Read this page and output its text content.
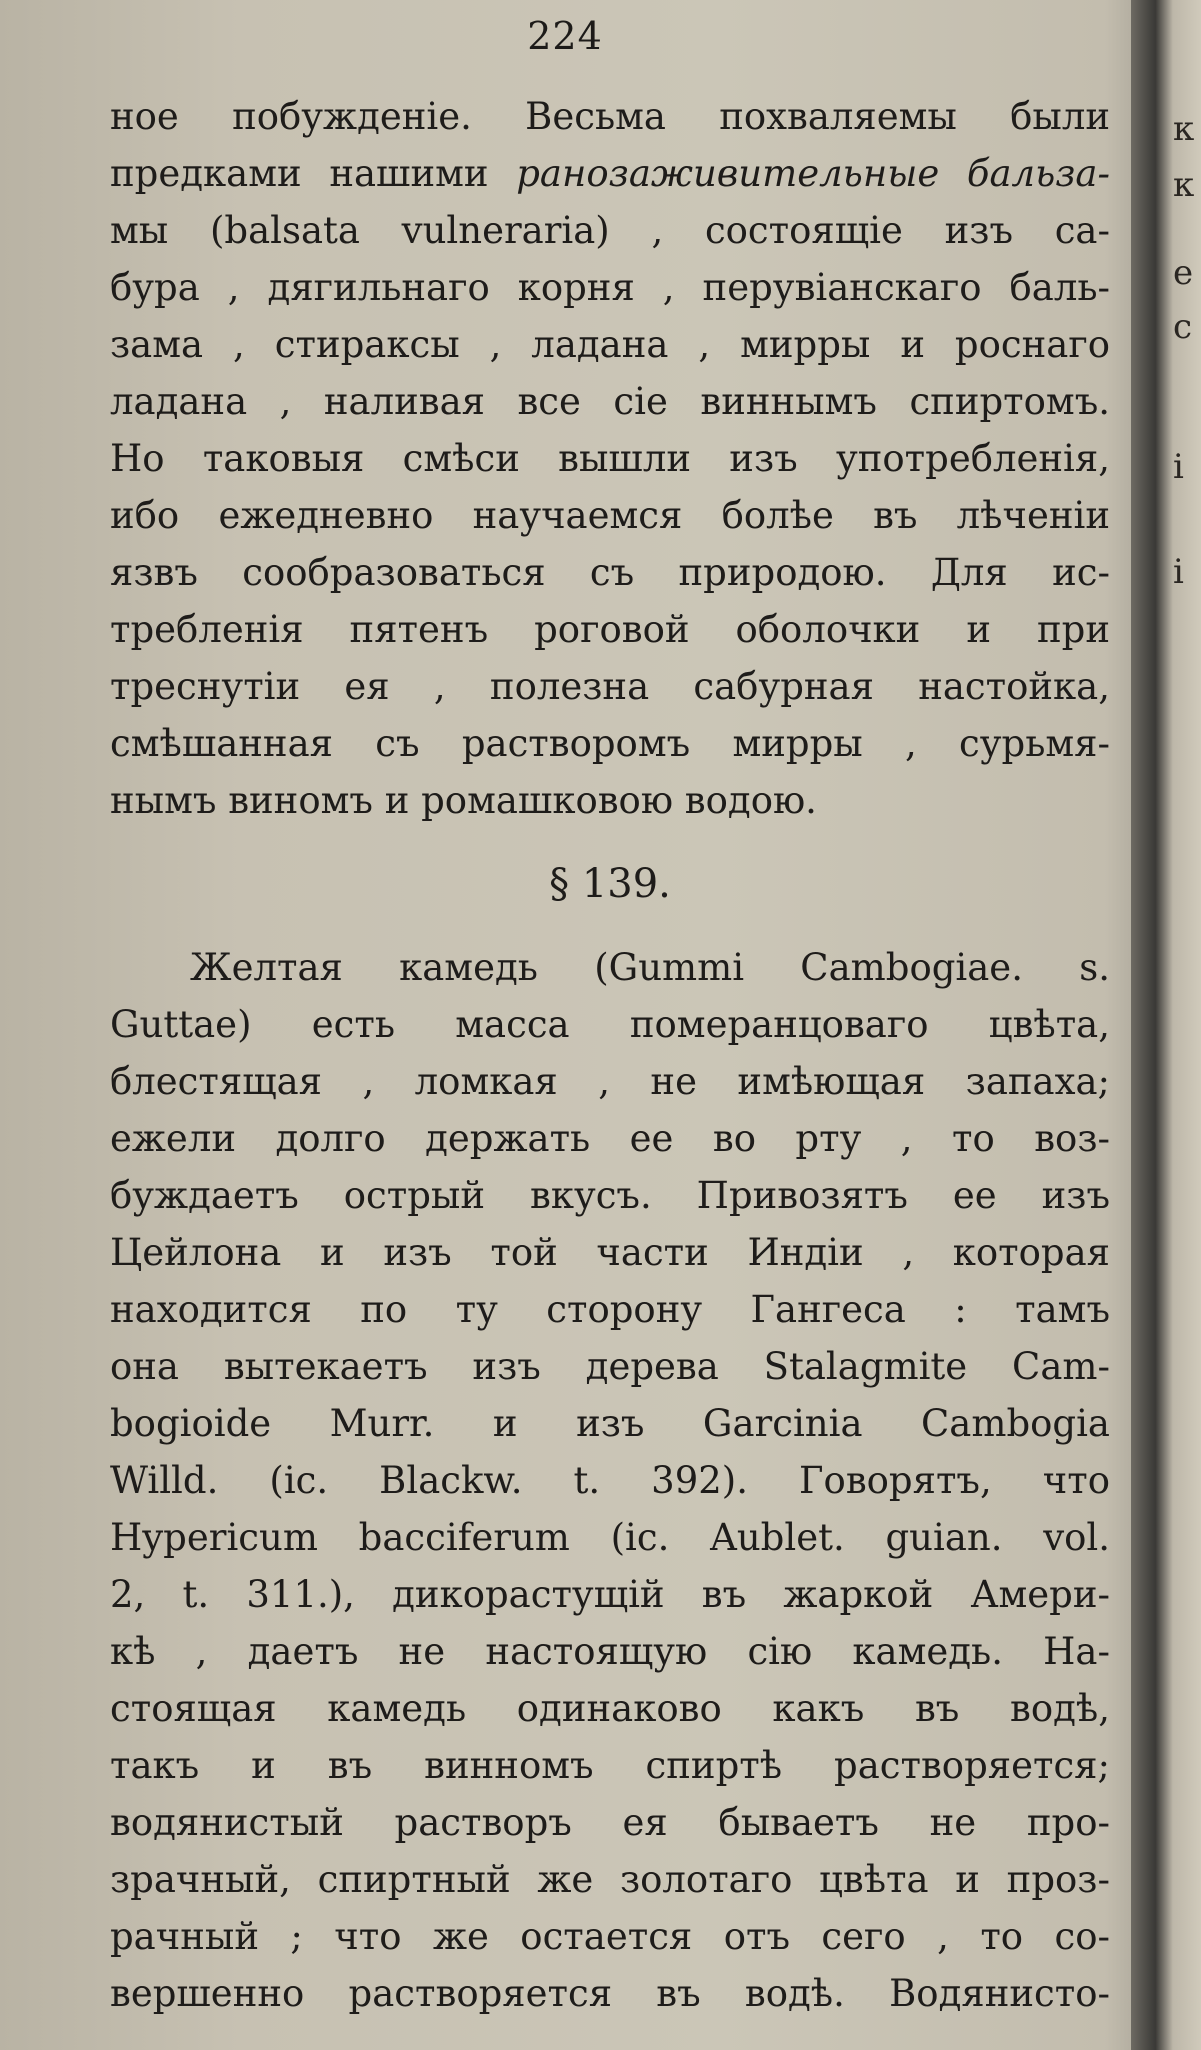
к
к
е
с
і
і
224
ное побужденіе. Весьма похваляемы были
предками нашими ранозаживительные бальза-
мы (balsata vulneraria) , состоящіе изъ са-
бура , дягильнаго корня , перувіанскаго баль-
зама , стиракcы , ладана , мирры и роснаго
ладана , наливая все сіе виннымъ спиртомъ.
Но таковыя смѣси вышли изъ употребленія,
ибо ежедневно научаемся болѣе въ лѣченіи
язвъ сообразоваться съ природою. Для ис-
требленія пятенъ роговой оболочки и при
треснутіи ея , полезна сабурная настойка,
смѣшанная съ растворомъ мирры , сурьмя-
нымъ виномъ и ромашковою водою.
§ 139.
Желтая камедь (Gummi Cambogiae. s.
Guttae) есть масса померанцоваго цвѣта,
блестящая , ломкая , не имѣющая запаха;
ежели долго держать ее во рту , то воз-
буждаетъ острый вкусъ. Привозятъ ее изъ
Цейлона и изъ той части Индіи , которая
находится по ту сторону Гангеса : тамъ
она вытекаетъ изъ дерева Stalagmite Cam-
bogioide Murr. и изъ Garcinia Cambogia
Willd. (ic. Blackw. t. 392). Говорятъ, что
Hypericum bacciferum (ic. Aublet. guian. vol.
2, t. 311.), дикорастущій въ жаркой Амери-
кѣ , даетъ не настоящую сію камедь. На-
стоящая камедь одинаково какъ въ водѣ,
такъ и въ винномъ спиртѣ растворяется;
водянистый растворъ ея бываетъ не про-
зрачный, спиртный же золотаго цвѣта и проз-
рачный ; что же остается отъ сего , то со-
вершенно растворяется въ водѣ. Водянисто-
